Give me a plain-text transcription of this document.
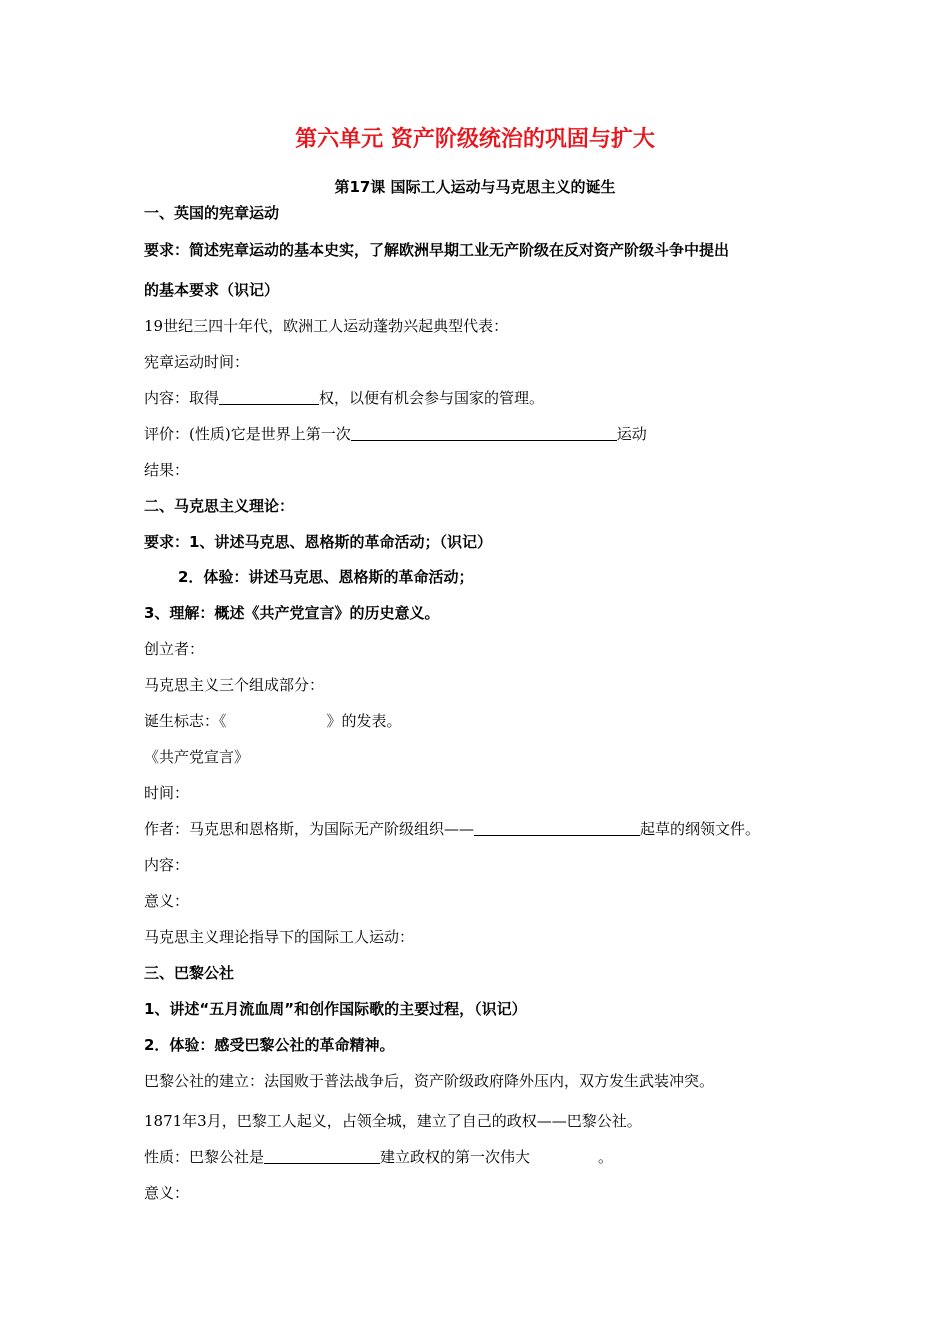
第六单元 资产阶级统治的巩固与扩大
第17课 国际工人运动与马克思主义的诞生
一、英国的宪章运动
要求：简述宪章运动的基本史实，了解欧洲早期工业无产阶级在反对资产阶级斗争中提出
的基本要求（识记）
19世纪三四十年代，欧洲工人运动蓬勃兴起典型代表：
宪章运动时间：
内容：取得	权，以便有机会参与国家的管理。
评价：(性质)它是世界上第一次	运动
结果：
二、马克思主义理论：
要求：1、讲述马克思、恩格斯的革命活动；（识记）
2．体验：讲述马克思、恩格斯的革命活动；
3、理解：概述《共产党宣言》的历史意义。
创立者：
马克思主义三个组成部分：
诞生标志：《	》的发表。
《共产党宣言》
时间：
作者：马克思和恩格斯，为国际无产阶级组织——	起草的纲领文件。
内容：
意义：
马克思主义理论指导下的国际工人运动：
三、巴黎公社
1、讲述“五月流血周”和创作国际歌的主要过程，（识记）
2．体验：感受巴黎公社的革命精神。
巴黎公社的建立：法国败于普法战争后，资产阶级政府降外压内，双方发生武装冲突。
1871年3月，巴黎工人起义，占领全城，建立了自己的政权——巴黎公社。
性质：巴黎公社是	建立政权的第一次伟大	。
意义：
